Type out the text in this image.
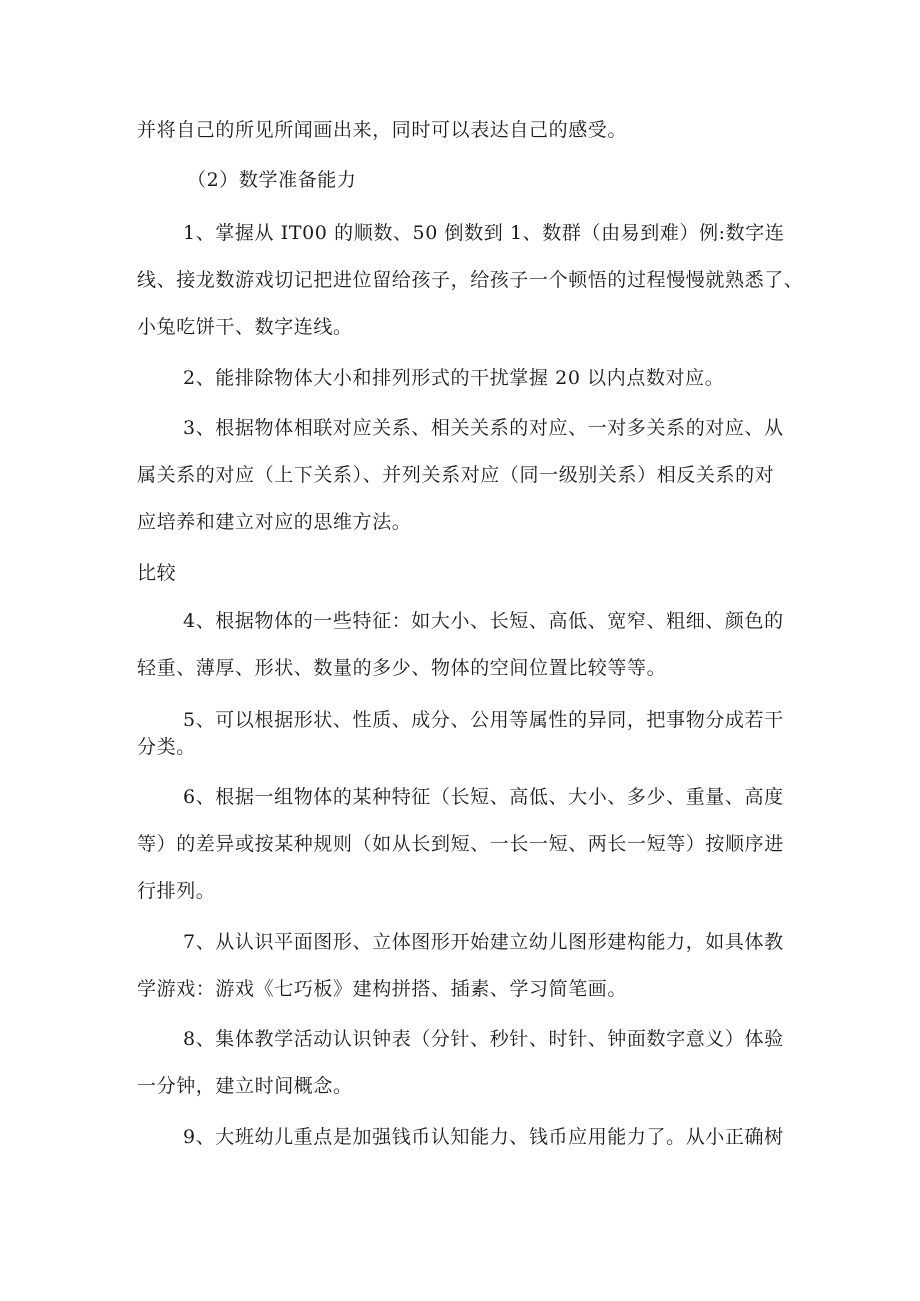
并将自己的所见所闻画出来，同时可以表达自己的感受。
（2）数学准备能力
1、掌握从 IT00 的顺数、50 倒数到 1、数群（由易到难）例:数字连
线、接龙数游戏切记把进位留给孩子，给孩子一个顿悟的过程慢慢就熟悉了、
小兔吃饼干、数字连线。
2、能排除物体大小和排列形式的干扰掌握 20 以内点数对应。
3、根据物体相联对应关系、相关关系的对应、一对多关系的对应、从
属关系的对应（上下关系）、并列关系对应（同一级别关系）相反关系的对
应培养和建立对应的思维方法。
比较
4、根据物体的一些特征：如大小、长短、高低、宽窄、粗细、颜色的
轻重、薄厚、形状、数量的多少、物体的空间位置比较等等。
5、可以根据形状、性质、成分、公用等属性的异同，把事物分成若干
分类。
6、根据一组物体的某种特征（长短、高低、大小、多少、重量、高度
等）的差异或按某种规则（如从长到短、一长一短、两长一短等）按顺序进
行排列。
7、从认识平面图形、立体图形开始建立幼儿图形建构能力，如具体教
学游戏：游戏《七巧板》建构拼搭、插素、学习简笔画。
8、集体教学活动认识钟表（分针、秒针、时针、钟面数字意义）体验
一分钟，建立时间概念。
9、大班幼儿重点是加强钱币认知能力、钱币应用能力了。从小正确树
